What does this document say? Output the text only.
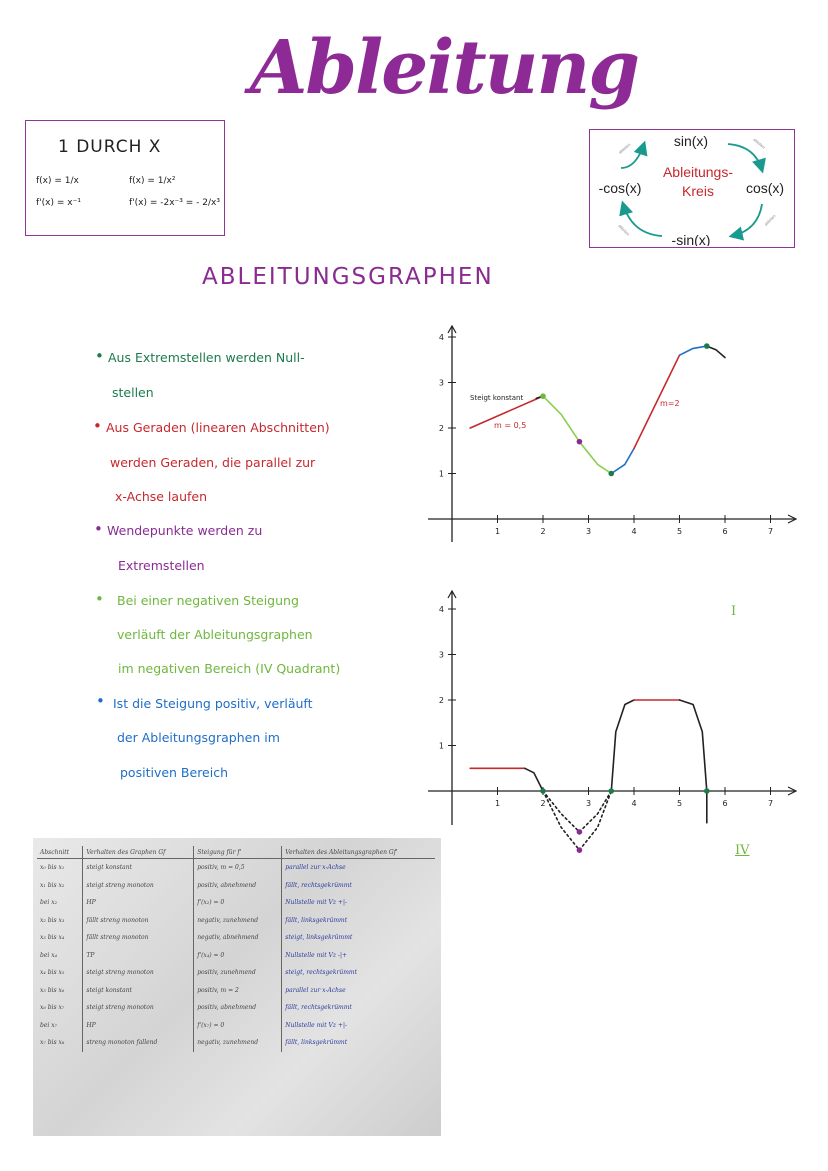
Ableitung
1 DURCH X
f(x) = 1/x
f'(x) = x⁻¹
f(x) = 1/x²
f'(x) = -2x⁻³ = - 2/x³
sin(x)
cos(x)
-sin(x)
-cos(x)
Ableitungs-
Kreis
ableiten	ableiten
ableiten
ableiten
ABLEITUNGSGRAPHEN
• Aus Extremstellen werden Null-
stellen
• Aus Geraden (linearen Abschnitten)
werden Geraden, die parallel zur
x-Achse laufen
• Wendepunkte werden zu
Extremstellen
• Bei einer negativen Steigung
verläuft der Ableitungsgraphen
im negativen Bereich (IV Quadrant)
• Ist die Steigung positiv, verläuft
der Ableitungsgraphen im
positiven Bereich
1	2	3	4	5	6	7
1
2
3
4
Steigt konstant
m = 0,5
m=2
1	2	3	4	5	6	7
1
2
3
4	I
IV
Abschnitt	Verhalten des Graphen Gf	Steigung für f'	Verhalten des Ableitungsgraphen Gf'
x₀ bis x₁	steigt konstant	positiv, m = 0,5	parallel zur x-Achse
x₁ bis x₂	steigt streng monoton	positiv, abnehmend	fällt, rechtsgekrümmt
bei x₂	HP	f'(x₂) = 0	Nullstelle mit Vz +|-
x₂ bis x₃	fällt streng monoton	negativ, zunehmend	fällt, linksgekrümmt
x₃ bis x₄	fällt streng monoton	negativ, abnehmend	steigt, linksgekrümmt
bei x₄	TP	f'(x₄) = 0	Nullstelle mit Vz -|+
x₄ bis x₅	steigt streng monoton	positiv, zunehmend	steigt, rechtsgekrümmt
x₅ bis x₆	steigt konstant	positiv, m = 2	parallel zur x-Achse
x₆ bis x₇	steigt streng monoton	positiv, abnehmend	fällt, rechtsgekrümmt
bei x₇	HP	f'(x₇) = 0	Nullstelle mit Vz +|-
x₇ bis x₈	streng monoton fallend	negativ, zunehmend	fällt, linksgekrümmt
